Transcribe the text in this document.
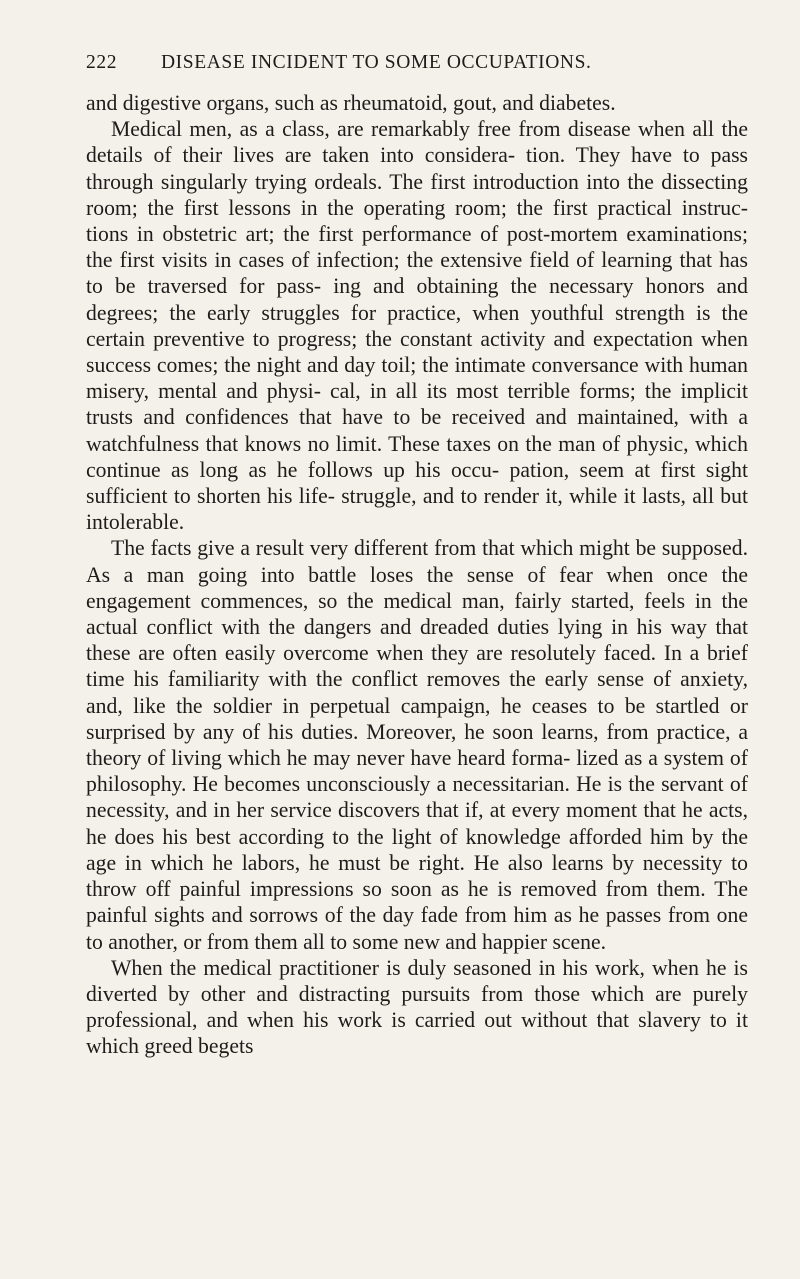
222	DISEASE INCIDENT TO SOME OCCUPATIONS.

and digestive organs, such as rheumatoid, gout, and diabetes.

Medical men, as a class, are remarkably free from disease when all the details of their lives are taken into considera- tion. They have to pass through singularly trying ordeals. The first introduction into the dissecting room; the first lessons in the operating room; the first practical instruc- tions in obstetric art; the first performance of post-mortem examinations; the first visits in cases of infection; the extensive field of learning that has to be traversed for pass- ing and obtaining the necessary honors and degrees; the early struggles for practice, when youthful strength is the certain preventive to progress; the constant activity and expectation when success comes; the night and day toil; the intimate conversance with human misery, mental and physi- cal, in all its most terrible forms; the implicit trusts and confidences that have to be received and maintained, with a watchfulness that knows no limit. These taxes on the man of physic, which continue as long as he follows up his occu- pation, seem at first sight sufficient to shorten his life- struggle, and to render it, while it lasts, all but intolerable.

The facts give a result very different from that which might be supposed. As a man going into battle loses the sense of fear when once the engagement commences, so the medical man, fairly started, feels in the actual conflict with the dangers and dreaded duties lying in his way that these are often easily overcome when they are resolutely faced. In a brief time his familiarity with the conflict removes the early sense of anxiety, and, like the soldier in perpetual campaign, he ceases to be startled or surprised by any of his duties. Moreover, he soon learns, from practice, a theory of living which he may never have heard forma- lized as a system of philosophy. He becomes unconsciously a necessitarian. He is the servant of necessity, and in her service discovers that if, at every moment that he acts, he does his best according to the light of knowledge afforded him by the age in which he labors, he must be right. He also learns by necessity to throw off painful impressions so soon as he is removed from them. The painful sights and sorrows of the day fade from him as he passes from one to another, or from them all to some new and happier scene.

When the medical practitioner is duly seasoned in his work, when he is diverted by other and distracting pursuits from those which are purely professional, and when his work is carried out without that slavery to it which greed begets
